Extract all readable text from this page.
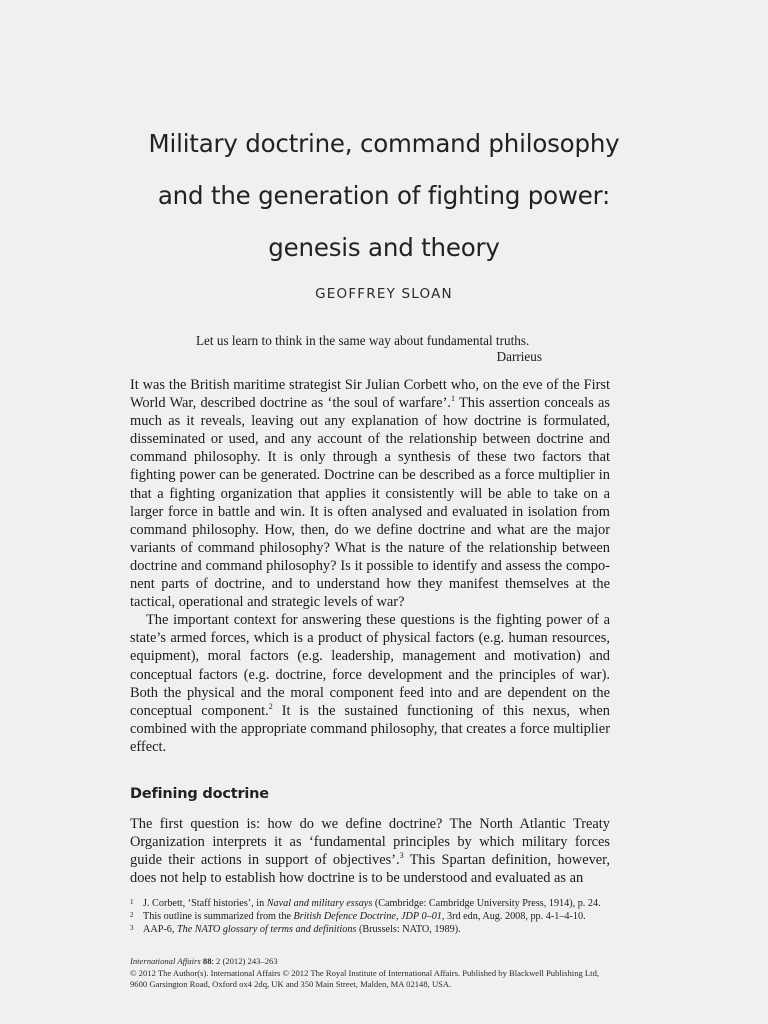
Military doctrine, command philosophy
and the generation of fighting power:
genesis and theory
GEOFFREY SLOAN
Let us learn to think in the same way about fundamental truths.
Darrieus

It was the British maritime strategist Sir Julian Corbett who, on the eve of the First World War, described doctrine as ‘the soul of warfare’.$^1$ This assertion conceals as much as it reveals, leaving out any explanation of how doctrine is formulated, disseminated or used, and any account of the relationship between doctrine and command philosophy. It is only through a synthesis of these two factors that fighting power can be generated. Doctrine can be described as a force multiplier in that a fighting organization that applies it consistently will be able to take on a larger force in battle and win. It is often analysed and evaluated in isolation from command philosophy. How, then, do we define doctrine and what are the major variants of command philosophy? What is the nature of the relationship between doctrine and command philosophy? Is it possible to identify and assess the component parts of doctrine, and to understand how they manifest themselves at the tactical, operational and strategic levels of war?

The important context for answering these questions is the fighting power of a state’s armed forces, which is a product of physical factors (e.g. human resources, equipment), moral factors (e.g. leadership, management and motivation) and conceptual factors (e.g. doctrine, force development and the principles of war). Both the physical and the moral component feed into and are dependent on the conceptual component.$^2$ It is the sustained functioning of this nexus, when combined with the appropriate command philosophy, that creates a force multiplier effect.

Defining doctrine

The first question is: how do we define doctrine? The North Atlantic Treaty Organization interprets it as ‘fundamental principles by which military forces guide their actions in support of objectives’.$^3$ This Spartan definition, however, does not help to establish how doctrine is to be understood and evaluated as an

1 J. Corbett, ‘Staff histories’, in Naval and military essays (Cambridge: Cambridge University Press, 1914), p. 24.
2 This outline is summarized from the British Defence Doctrine, JDP 0–01, 3rd edn, Aug. 2008, pp. 4-1–4-10.
3 AAP-6, The NATO glossary of terms and definitions (Brussels: NATO, 1989).
International Affairs 88: 2 (2012) 243–263
© 2012 The Author(s). International Affairs © 2012 The Royal Institute of International Affairs. Published by Blackwell Publishing Ltd, 9600 Garsington Road, Oxford ox4 2dq, UK and 350 Main Street, Malden, MA 02148, USA.
